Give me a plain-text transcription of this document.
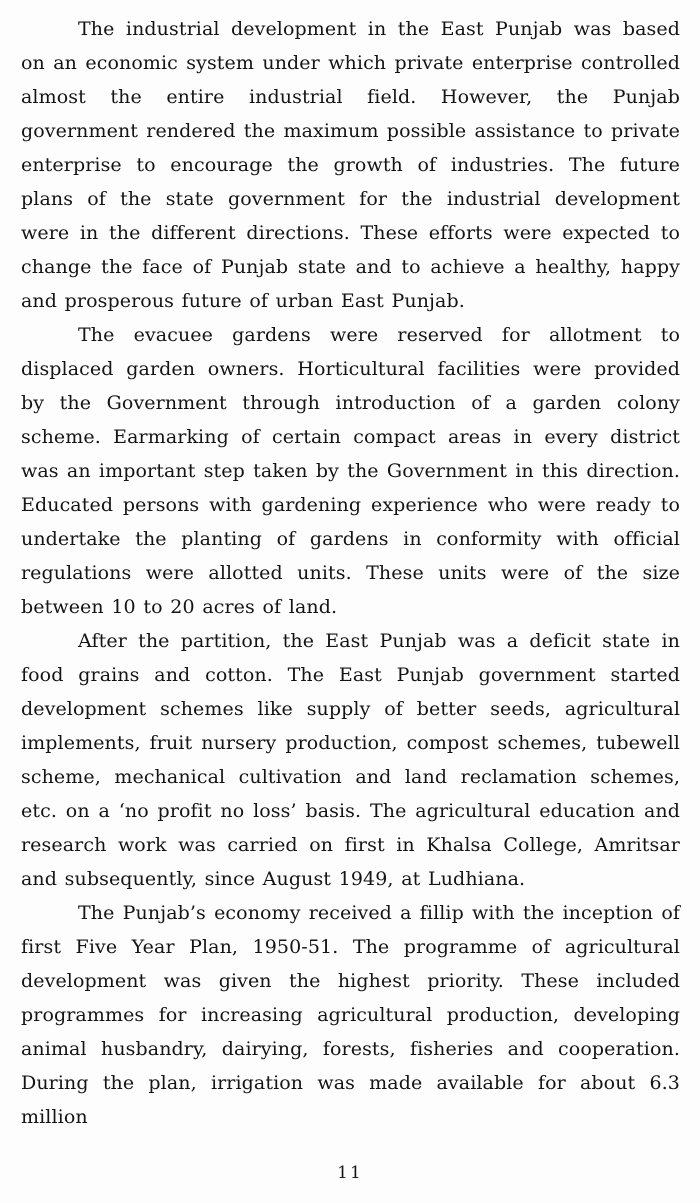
The industrial development in the East Punjab was based on an economic system under which private enterprise controlled almost the entire industrial field. However, the Punjab government rendered the maximum possible assistance to private enterprise to encourage the growth of industries. The future plans of the state government for the industrial development were in the different directions. These efforts were expected to change the face of Punjab state and to achieve a healthy, happy and prosperous future of urban East Punjab.

The evacuee gardens were reserved for allotment to displaced garden owners. Horticultural facilities were provided by the Government through introduction of a garden colony scheme. Earmarking of certain compact areas in every district was an important step taken by the Government in this direction. Educated persons with gardening experience who were ready to undertake the planting of gardens in conformity with official regulations were allotted units. These units were of the size between 10 to 20 acres of land.

After the partition, the East Punjab was a deficit state in food grains and cotton. The East Punjab government started development schemes like supply of better seeds, agricultural implements, fruit nursery production, compost schemes, tubewell scheme, mechanical cultivation and land reclamation schemes, etc. on a ‘no profit no loss’ basis. The agricultural education and research work was carried on first in Khalsa College, Amritsar and subsequently, since August 1949, at Ludhiana.

The Punjab’s economy received a fillip with the inception of first Five Year Plan, 1950-51. The programme of agricultural development was given the highest priority. These included programmes for increasing agricultural production, developing animal husbandry, dairying, forests, fisheries and cooperation. During the plan, irrigation was made available for about 6.3 million

11
